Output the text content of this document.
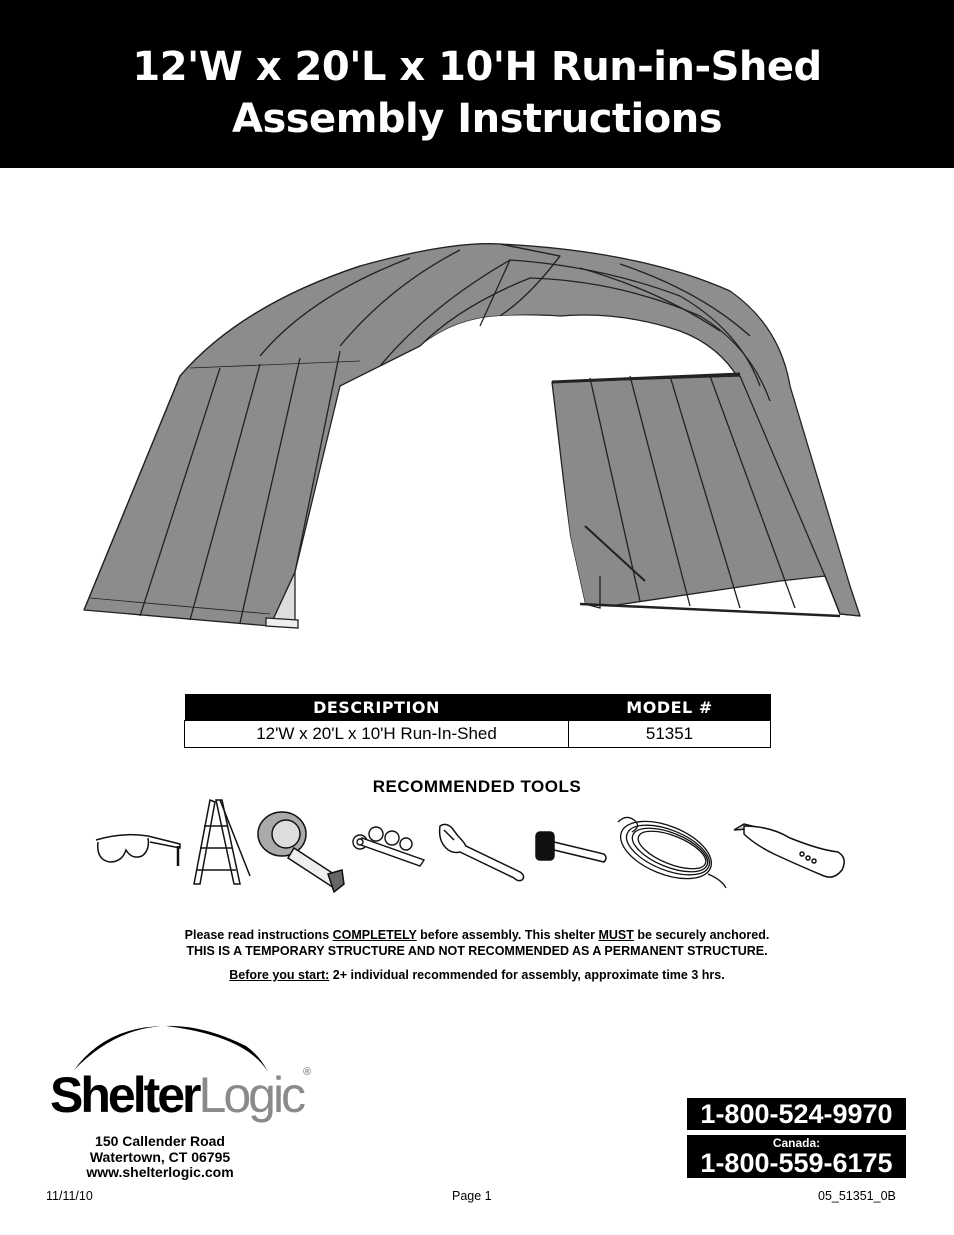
12'W x 20'L x 10'H Run-in-Shed
Assembly Instructions
DESCRIPTION	MODEL #
12'W x 20'L x 10'H Run-In-Shed	51351
RECOMMENDED TOOLS
Please read instructions COMPLETELY before assembly. This shelter MUST be securely anchored.
THIS IS A TEMPORARY STRUCTURE AND NOT RECOMMENDED AS A PERMANENT STRUCTURE.
Before you start: 2+ individual recommended for assembly, approximate time 3 hrs.
ShelterLogic®
150 Callender Road
Watertown, CT 06795
www.shelterlogic.com
1-800-524-9970
Canada:
1-800-559-6175
11/11/10	Page 1	05_51351_0B
